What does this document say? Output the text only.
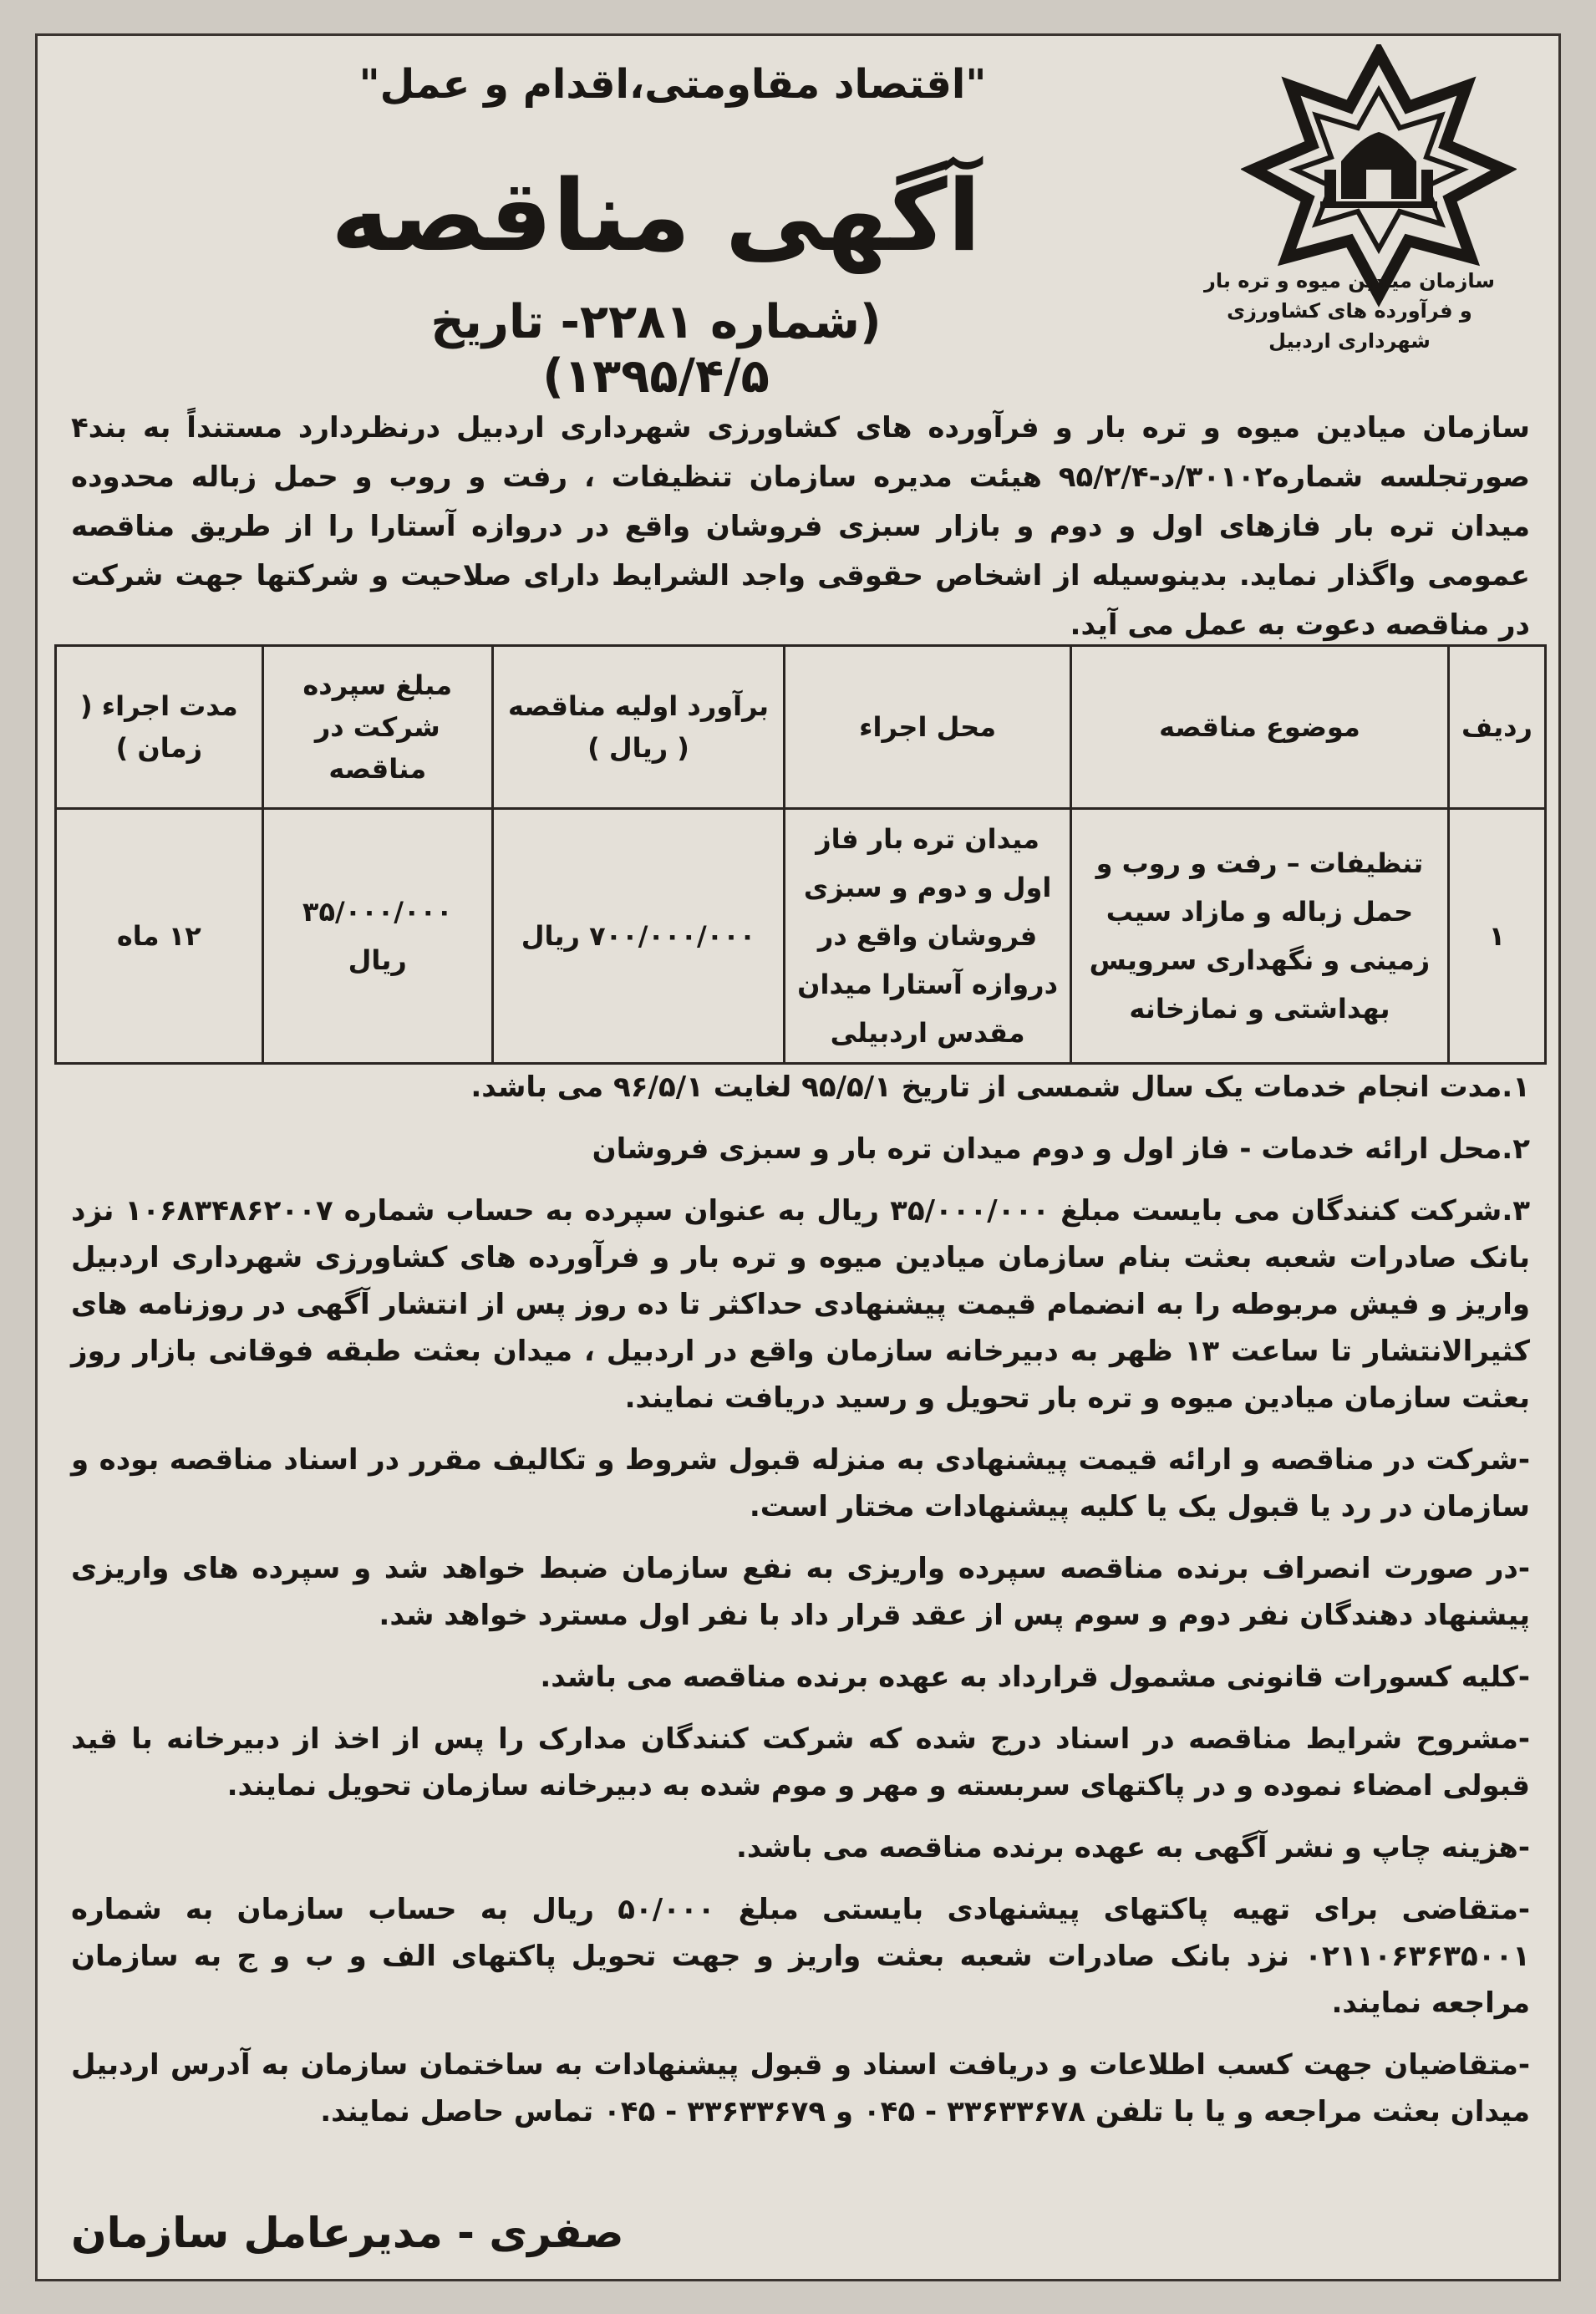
"اقتصاد مقاومتی،اقدام و عمل"
آگهی مناقصه
(شماره ۲۲۸۱- تاریخ ۱۳۹۵/۴/۵)
سازمان میادین میوه و تره بار
و فرآورده های کشاورزی
شهرداری اردبیل
سازمان میادین میوه و تره بار و فرآورده های کشاورزی شهرداری اردبیل درنظردارد مستنداً به بند۴ صورتجلسه شماره۳۰۱۰۲/د-۹۵/۲/۴ هیئت مدیره سازمان تنظیفات ، رفت و روب و حمل زباله محدوده میدان تره بار فازهای اول و دوم و بازار سبزی فروشان واقع در دروازه آستارا را از طریق مناقصه عمومی واگذار نماید. بدینوسیله از اشخاص حقوقی واجد الشرایط دارای صلاحیت و شرکتها جهت شرکت در مناقصه دعوت به عمل می آید.
ردیف	موضوع مناقصه	محل اجراء	برآورد اولیه مناقصه ( ریال )	مبلغ سپرده شرکت در مناقصه	مدت اجراء ( زمان )
۱	تنظیفات – رفت و روب و حمل زباله و مازاد سیب زمینی و نگهداری سرویس بهداشتی و نمازخانه	میدان تره بار فاز اول و دوم و سبزی فروشان واقع در دروازه آستارا میدان مقدس اردبیلی	۷۰۰/۰۰۰/۰۰۰ ریال	۳۵/۰۰۰/۰۰۰ ریال	۱۲ ماه

۱.مدت انجام خدمات یک سال شمسی از تاریخ ۹۵/۵/۱ لغایت ۹۶/۵/۱ می باشد.

۲.محل ارائه خدمات - فاز اول و دوم میدان تره بار و سبزی فروشان

۳.شرکت کنندگان می بایست مبلغ ۳۵/۰۰۰/۰۰۰ ریال به عنوان سپرده به حساب شماره ۱۰۶۸۳۴۸۶۲۰۰۷ نزد بانک صادرات شعبه بعثت بنام سازمان میادین میوه و تره بار و فرآورده های کشاورزی شهرداری اردبیل واریز و فیش مربوطه را به انضمام قیمت پیشنهادی حداکثر تا ده روز پس از انتشار آگهی در روزنامه های کثیرالانتشار تا ساعت ۱۳ ظهر به دبیرخانه سازمان واقع در اردبیل ، میدان بعثت طبقه فوقانی بازار روز بعثت سازمان میادین میوه و تره بار تحویل و رسید دریافت نمایند.

-شرکت در مناقصه و ارائه قیمت پیشنهادی به منزله قبول شروط و تکالیف مقرر در اسناد مناقصه بوده و سازمان در رد یا قبول یک یا کلیه پیشنهادات مختار است.

-در صورت انصراف برنده مناقصه سپرده واریزی به نفع سازمان ضبط خواهد شد و سپرده های واریزی پیشنهاد دهندگان نفر دوم و سوم پس از عقد قرار داد با نفر اول مسترد خواهد شد.

-کلیه کسورات قانونی مشمول قرارداد به عهده برنده مناقصه می باشد.

-مشروح شرایط مناقصه در اسناد درج شده که شرکت کنندگان مدارک را پس از اخذ از دبیرخانه با قید قبولی امضاء نموده و در پاکتهای سربسته و مهر و موم شده به دبیرخانه سازمان تحویل نمایند.

-هزینه چاپ و نشر آگهی به عهده برنده مناقصه می باشد.

-متقاضی برای تهیه پاکتهای پیشنهادی بایستی مبلغ ۵۰/۰۰۰ ریال به حساب سازمان به شماره ۰۲۱۱۰۶۳۶۳۵۰۰۱ نزد بانک صادرات شعبه بعثت واریز و جهت تحویل پاکتهای الف و ب و ج به سازمان مراجعه نمایند.

-متقاضیان جهت کسب اطلاعات و دریافت اسناد و قبول پیشنهادات به ساختمان سازمان به آدرس اردبیل میدان بعثت مراجعه و یا با تلفن ۳۳۶۳۳۶۷۸ - ۰۴۵ و ۳۳۶۳۳۶۷۹ - ۰۴۵ تماس حاصل نمایند.

صفری - مدیرعامل سازمان
